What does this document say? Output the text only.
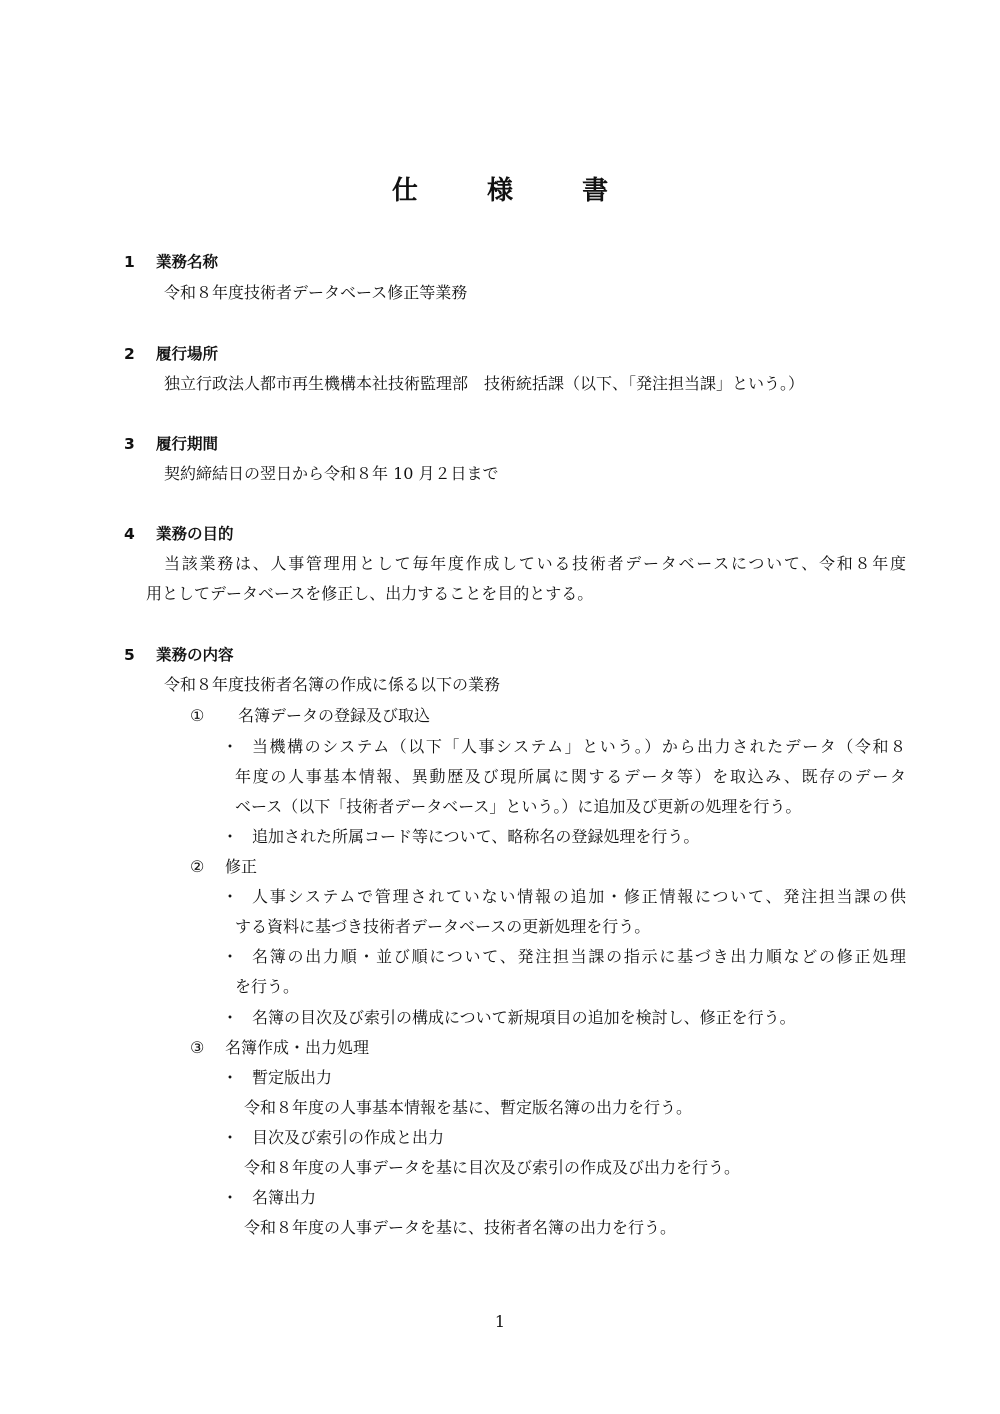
仕	様	書
1 業務名称
令和８年度技術者データベース修正等業務
2 履行場所
独立行政法人都市再生機構本社技術監理部　技術統括課（以下、「発注担当課」という。）
3 履行期間
契約締結日の翌日から令和８年 10 月２日まで
4 業務の目的
当該業務は、人事管理用として毎年度作成している技術者データベースについて、令和８年度
用としてデータベースを修正し、出力することを目的とする。
5 業務の内容
令和８年度技術者名簿の作成に係る以下の業務
① 名簿データの登録及び取込
・ 当機構のシステム（以下「人事システム」という。）から出力されたデータ（令和８
年度の人事基本情報、異動歴及び現所属に関するデータ等）を取込み、既存のデータ
ベース（以下「技術者データベース」という。）に追加及び更新の処理を行う。
・ 追加された所属コード等について、略称名の登録処理を行う。
② 修正
・ 人事システムで管理されていない情報の追加・修正情報について、発注担当課の供
する資料に基づき技術者データベースの更新処理を行う。
・ 名簿の出力順・並び順について、発注担当課の指示に基づき出力順などの修正処理
を行う。
・ 名簿の目次及び索引の構成について新規項目の追加を検討し、修正を行う。
③ 名簿作成・出力処理
・ 暫定版出力
令和８年度の人事基本情報を基に、暫定版名簿の出力を行う。
・ 目次及び索引の作成と出力
令和８年度の人事データを基に目次及び索引の作成及び出力を行う。
・ 名簿出力
令和８年度の人事データを基に、技術者名簿の出力を行う。
1
